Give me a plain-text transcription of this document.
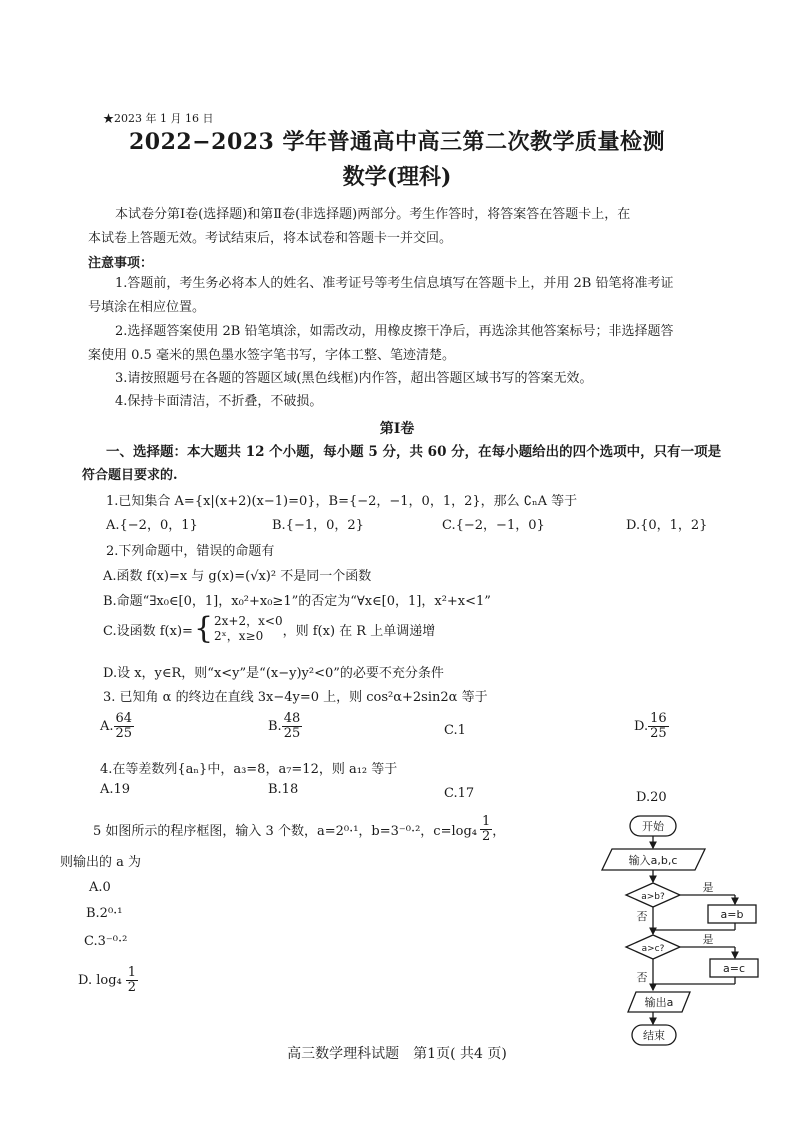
★2023 年 1 月 16 日
2022−2023 学年普通高中高三第二次教学质量检测
数学(理科)
本试卷分第Ⅰ卷(选择题)和第Ⅱ卷(非选择题)两部分。考生作答时，将答案答在答题卡上，在
本试卷上答题无效。考试结束后，将本试卷和答题卡一并交回。
注意事项：
1.答题前，考生务必将本人的姓名、准考证号等考生信息填写在答题卡上，并用 2B 铅笔将准考证
号填涂在相应位置。
2.选择题答案使用 2B 铅笔填涂，如需改动，用橡皮擦干净后，再选涂其他答案标号；非选择题答
案使用 0.5 毫米的黑色墨水签字笔书写，字体工整、笔迹清楚。
3.请按照题号在各题的答题区域(黑色线框)内作答，超出答题区域书写的答案无效。
4.保持卡面清洁，不折叠，不破损。
第Ⅰ卷
一、选择题：本大题共 12 个小题，每小题 5 分，共 60 分，在每小题给出的四个选项中，只有一项是
符合题目要求的.
1.已知集合 A={x|(x+2)(x−1)=0}，B={−2，−1，0，1，2}，那么 ∁ₙA 等于
A.{−2，0，1}	B.{−1，0，2}	C.{−2，−1，0}	D.{0，1，2}
2.下列命题中，错误的命题有
A.函数 f(x)=x 与 g(x)=(√x)² 不是同一个函数
B.命题“∃x₀∈[0，1]，x₀²+x₀≥1”的否定为“∀x∈[0，1]，x²+x<1”
C.设函数 f(x)= { 2x+2，x<0
2ˣ，x≥0	，则 f(x) 在 R 上单调递增
D.设 x，y∈R，则“x<y”是“(x−y)y²<0”的必要不充分条件
3. 已知角 α 的终边在直线 3x−4y=0 上，则 cos²α+2sin2α 等于
A. $\frac{64}{25}$	B. $\frac{48}{25}$	C.1	D. $\frac{16}{25}$
4.在等差数列{aₙ}中，a₃=8，a₇=12，则 a₁₂ 等于
A.19	B.18	C.17	D.20
5 如图所示的程序框图，输入 3 个数，a=2⁰·¹，b=3⁻⁰·²，$c=\log_4 \frac{1}{2}$ ，
则输出的 a 为
A.0
B.2⁰·¹
C.3⁻⁰·²
D. $\log_4 \frac{1}{2}$
开始
输入a,b,c
a>b?
是
否	a=b
a>c?
是
否
a=c
输出a
结束
高三数学理科试题　第1页( 共4 页)
